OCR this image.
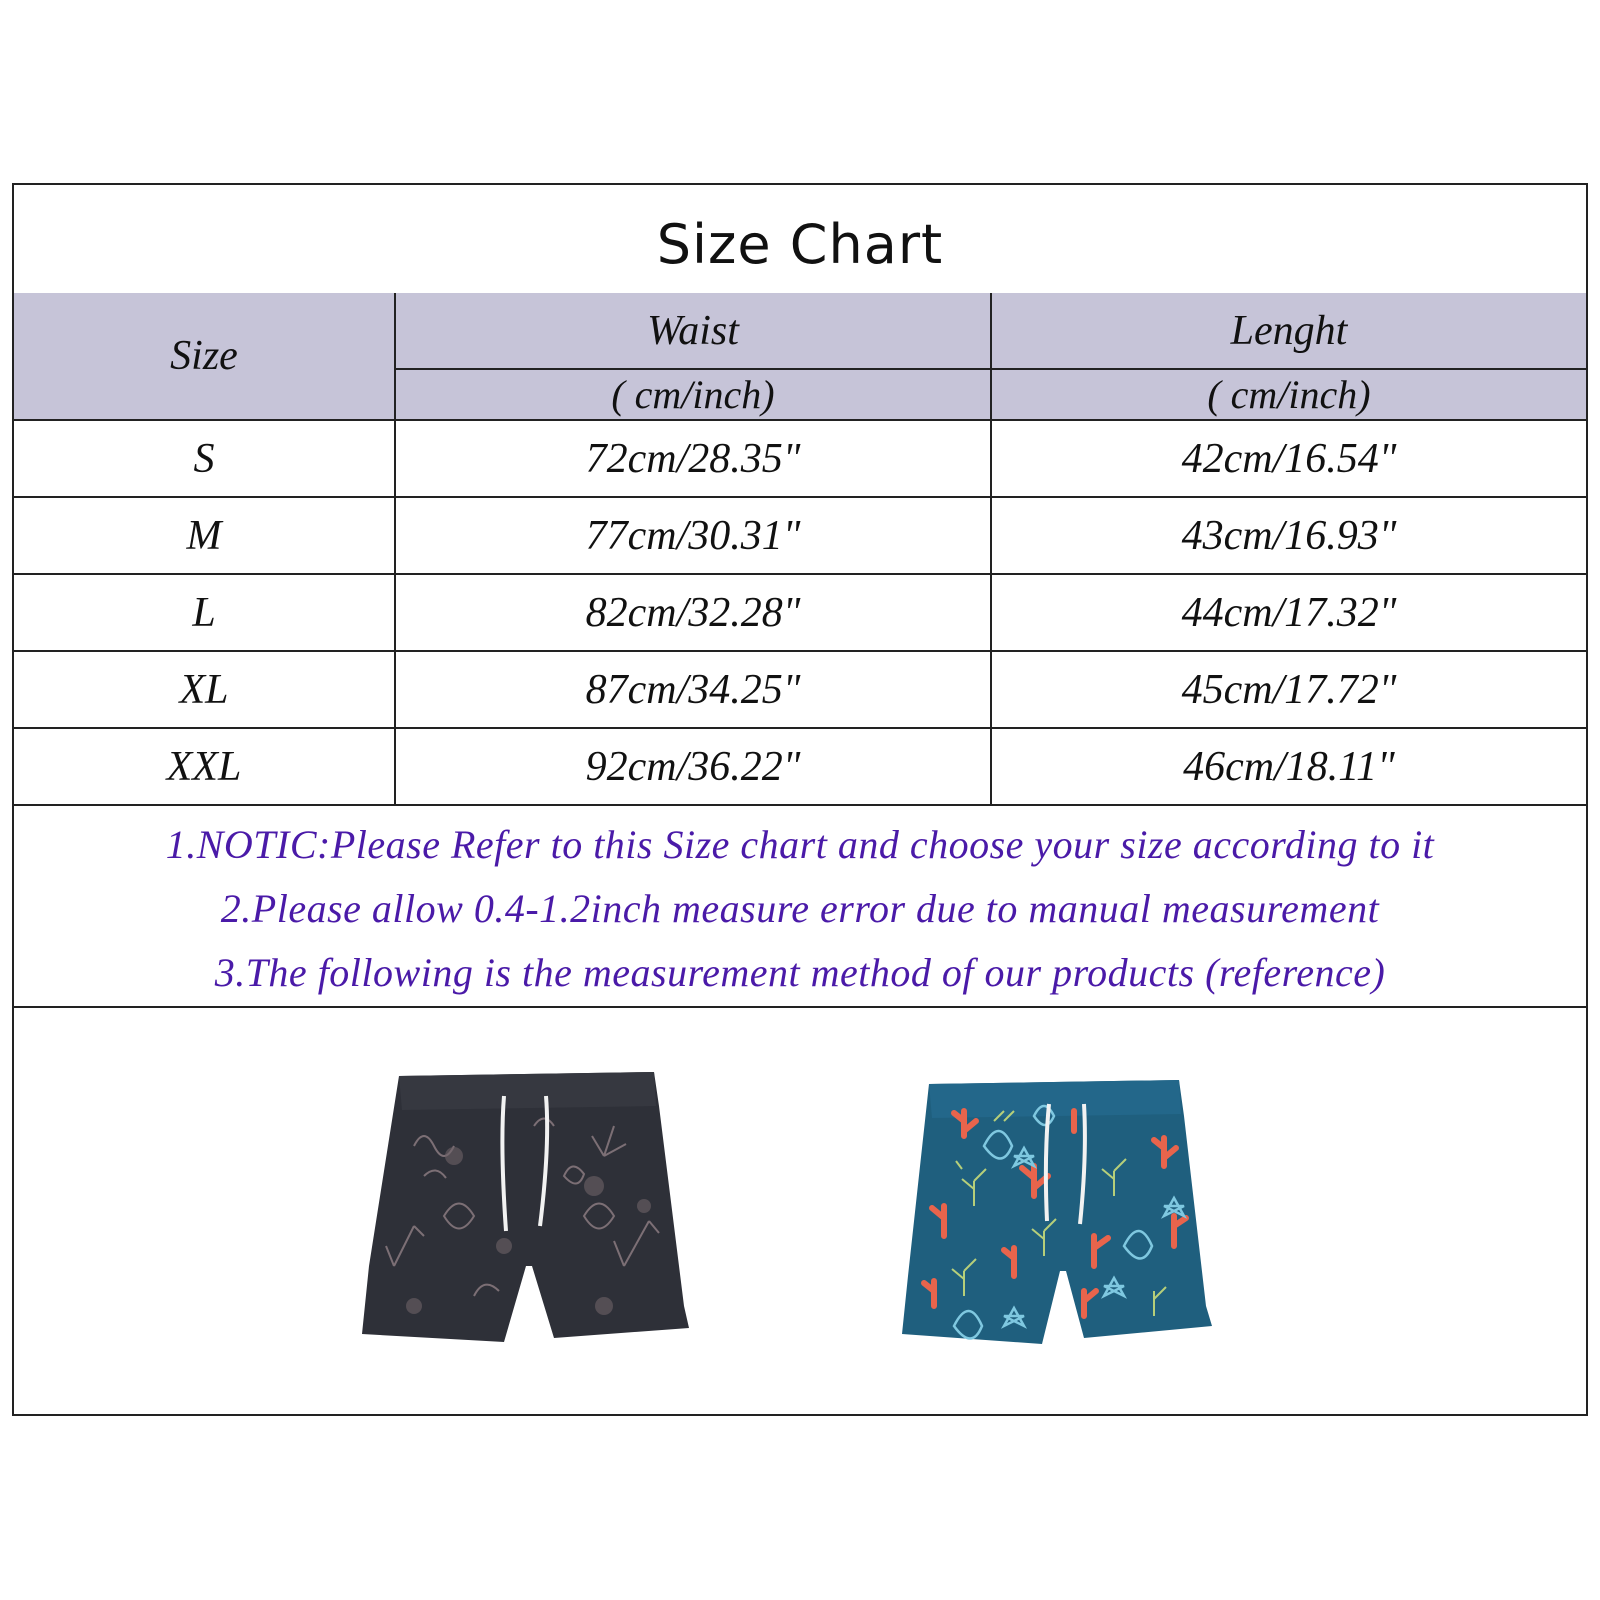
Size Chart
Size	Waist	Lenght
	( cm/inch)	( cm/inch)
S	72cm/28.35"	42cm/16.54"
M	77cm/30.31"	43cm/16.93"
L	82cm/32.28"	44cm/17.32"
XL	87cm/34.25"	45cm/17.72"
XXL	92cm/36.22"	46cm/18.11"
1.NOTIC:Please Refer to this Size chart and choose your size according to it
2.Please allow 0.4-1.2inch measure error due to manual measurement
3.The following is the measurement method of our products (reference)
